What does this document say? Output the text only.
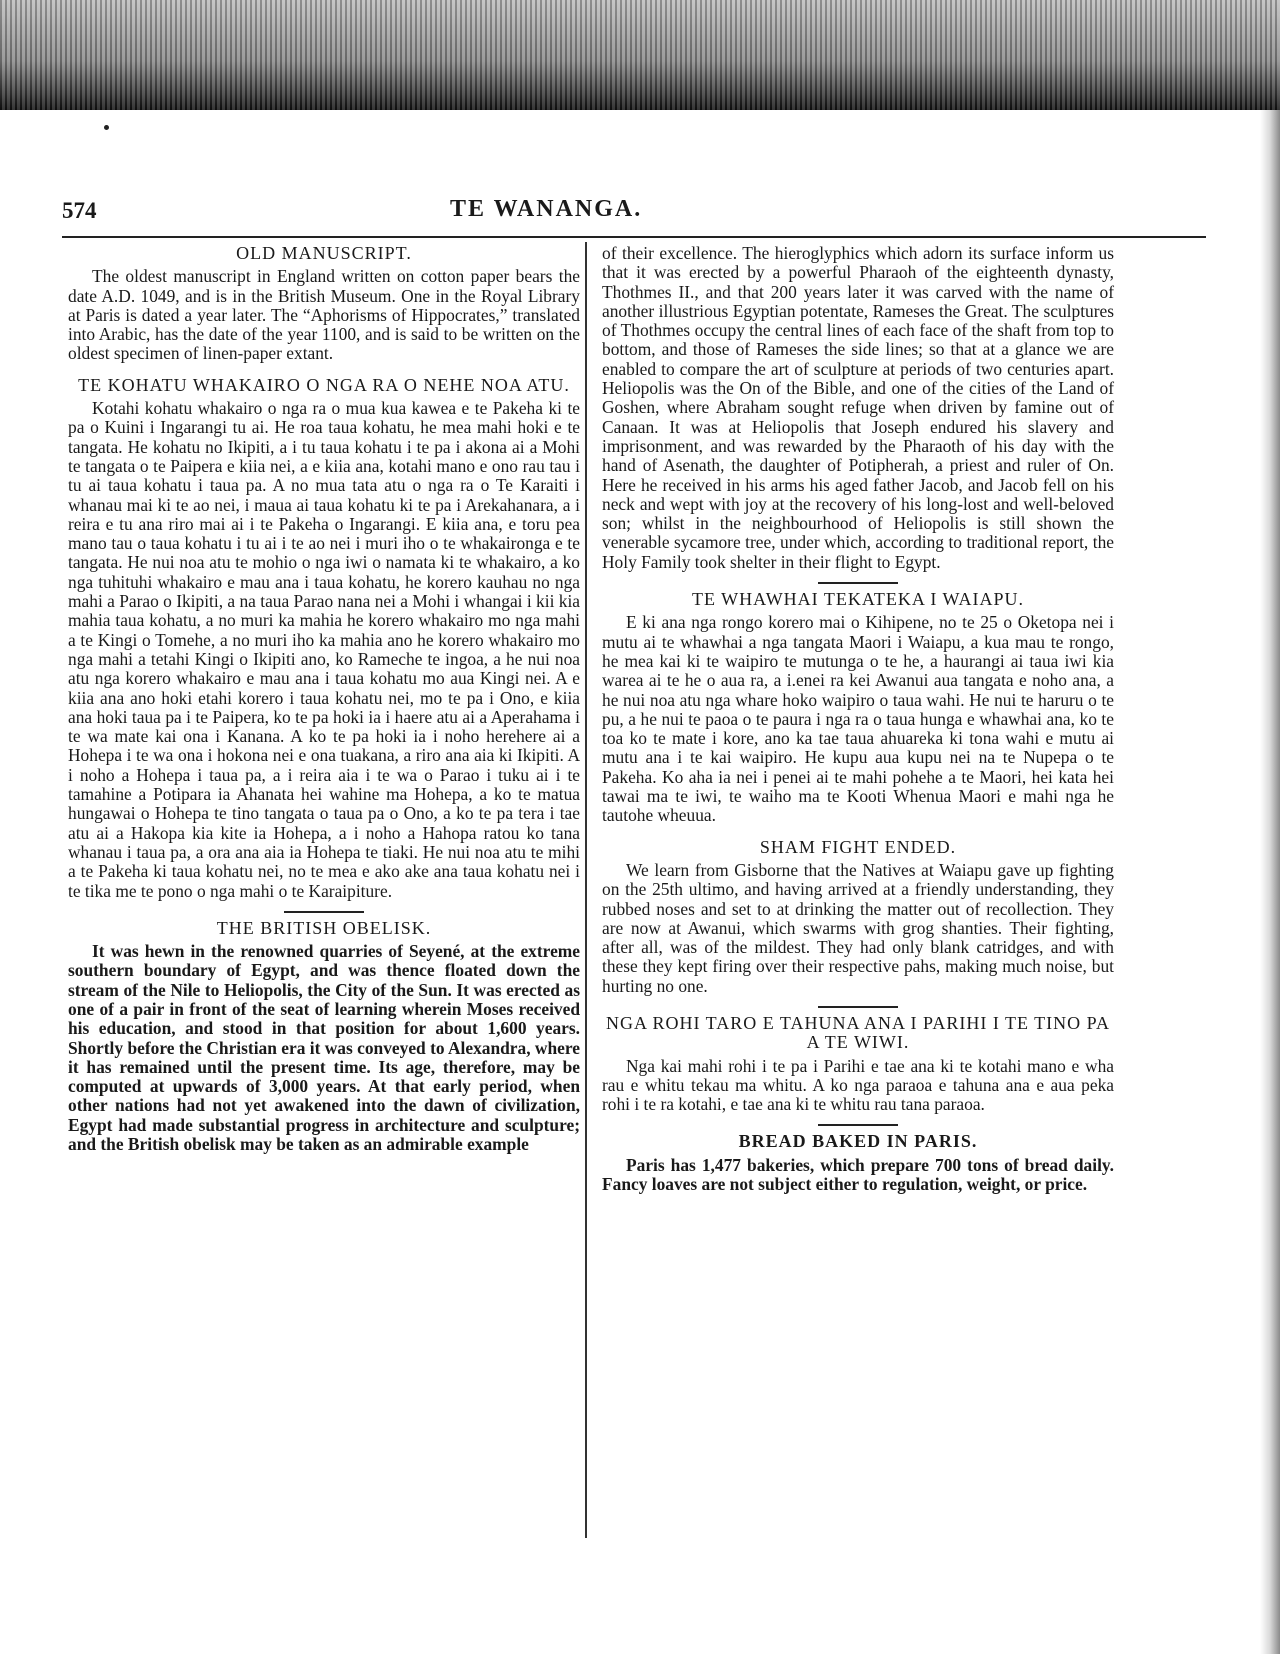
574	TE WANANGA.
OLD MANUSCRIPT.

The oldest manuscript in England written on cotton paper bears the date A.D. 1049, and is in the British Museum. One in the Royal Library at Paris is dated a year later. The “Aphorisms of Hippocrates,” translated into Arabic, has the date of the year 1100, and is said to be written on the oldest specimen of linen-paper extant.

TE KOHATU WHAKAIRO O NGA RA O NEHE NOA ATU.

Kotahi kohatu whakairo o nga ra o mua kua kawea e te Pakeha ki te pa o Kuini i Ingarangi tu ai. He roa taua kohatu, he mea mahi hoki e te tangata. He kohatu no Ikipiti, a i tu taua kohatu i te pa i akona ai a Mohi te tangata o te Paipera e kiia nei, a e kiia ana, kotahi mano e ono rau tau i tu ai taua kohatu i taua pa. A no mua tata atu o nga ra o Te Karaiti i whanau mai ki te ao nei, i maua ai taua kohatu ki te pa i Arekahanara, a i reira e tu ana riro mai ai i te Pakeha o Ingarangi. E kiia ana, e toru pea mano tau o taua kohatu i tu ai i te ao nei i muri iho o te whakaironga e te tangata. He nui noa atu te mohio o nga iwi o namata ki te whakairo, a ko nga tuhituhi whakairo e mau ana i taua kohatu, he korero kauhau no nga mahi a Parao o Ikipiti, a na taua Parao nana nei a Mohi i whangai i kii kia mahia taua kohatu, a no muri ka mahia he korero whakairo mo nga mahi a te Kingi o Tomehe, a no muri iho ka mahia ano he korero whakairo mo nga mahi a tetahi Kingi o Ikipiti ano, ko Rameche te ingoa, a he nui noa atu nga korero whakairo e mau ana i taua kohatu mo aua Kingi nei. A e kiia ana ano hoki etahi korero i taua kohatu nei, mo te pa i Ono, e kiia ana hoki taua pa i te Paipera, ko te pa hoki ia i haere atu ai a Aperahama i te wa mate kai ona i Kanana. A ko te pa hoki ia i noho herehere ai a Hohepa i te wa ona i hokona nei e ona tuakana, a riro ana aia ki Ikipiti. A i noho a Hohepa i taua pa, a i reira aia i te wa o Parao i tuku ai i te tamahine a Potipara ia Ahanata hei wahine ma Hohepa, a ko te matua hungawai o Hohepa te tino tangata o taua pa o Ono, a ko te pa tera i tae atu ai a Hakopa kia kite ia Hohepa, a i noho a Hahopa ratou ko tana whanau i taua pa, a ora ana aia ia Hohepa te tiaki. He nui noa atu te mihi a te Pakeha ki taua kohatu nei, no te mea e ako ake ana taua kohatu nei i te tika me te pono o nga mahi o te Karaipiture.

THE BRITISH OBELISK.

It was hewn in the renowned quarries of Seyené, at the extreme southern boundary of Egypt, and was thence floated down the stream of the Nile to Heliopolis, the City of the Sun. It was erected as one of a pair in front of the seat of learning wherein Moses received his education, and stood in that position for about 1,600 years. Shortly before the Christian era it was conveyed to Alexandra, where it has remained until the present time. Its age, therefore, may be computed at upwards of 3,000 years. At that early period, when other nations had not yet awakened into the dawn of civilization, Egypt had made substantial progress in architecture and sculpture; and the British obelisk may be taken as an admirable example

of their excellence. The hieroglyphics which adorn its surface inform us that it was erected by a powerful Pharaoh of the eighteenth dynasty, Thothmes II., and that 200 years later it was carved with the name of another illustrious Egyptian potentate, Rameses the Great. The sculptures of Thothmes occupy the central lines of each face of the shaft from top to bottom, and those of Rameses the side lines; so that at a glance we are enabled to compare the art of sculpture at periods of two centuries apart. Heliopolis was the On of the Bible, and one of the cities of the Land of Goshen, where Abraham sought refuge when driven by famine out of Canaan. It was at Heliopolis that Joseph endured his slavery and imprisonment, and was rewarded by the Pharaoth of his day with the hand of Asenath, the daughter of Potipherah, a priest and ruler of On. Here he received in his arms his aged father Jacob, and Jacob fell on his neck and wept with joy at the recovery of his long-lost and well-beloved son; whilst in the neighbourhood of Heliopolis is still shown the venerable sycamore tree, under which, according to traditional report, the Holy Family took shelter in their flight to Egypt.

TE WHAWHAI TEKATEKA I WAIAPU.

E ki ana nga rongo korero mai o Kihipene, no te 25 o Oketopa nei i mutu ai te whawhai a nga tangata Maori i Waiapu, a kua mau te rongo, he mea kai ki te waipiro te mutunga o te he, a haurangi ai taua iwi kia warea ai te he o aua ra, a i.enei ra kei Awanui aua tangata e noho ana, a he nui noa atu nga whare hoko waipiro o taua wahi. He nui te haruru o te pu, a he nui te paoa o te paura i nga ra o taua hunga e whawhai ana, ko te toa ko te mate i kore, ano ka tae taua ahuareka ki tona wahi e mutu ai mutu ana i te kai waipiro. He kupu aua kupu nei na te Nupepa o te Pakeha. Ko aha ia nei i penei ai te mahi pohehe a te Maori, hei kata hei tawai ma te iwi, te waiho ma te Kooti Whenua Maori e mahi nga he tautohe wheuua.

SHAM FIGHT ENDED.

We learn from Gisborne that the Natives at Waiapu gave up fighting on the 25th ultimo, and having arrived at a friendly understanding, they rubbed noses and set to at drinking the matter out of recollection. They are now at Awanui, which swarms with grog shanties. Their fighting, after all, was of the mildest. They had only blank catridges, and with these they kept firing over their respective pahs, making much noise, but hurting no one.

NGA ROHI TARO E TAHUNA ANA I PARIHI I TE TINO PA A TE WIWI.

Nga kai mahi rohi i te pa i Parihi e tae ana ki te kotahi mano e wha rau e whitu tekau ma whitu. A ko nga paraoa e tahuna ana e aua peka rohi i te ra kotahi, e tae ana ki te whitu rau tana paraoa.

BREAD BAKED IN PARIS.

Paris has 1,477 bakeries, which prepare 700 tons of bread daily. Fancy loaves are not subject either to regulation, weight, or price.
